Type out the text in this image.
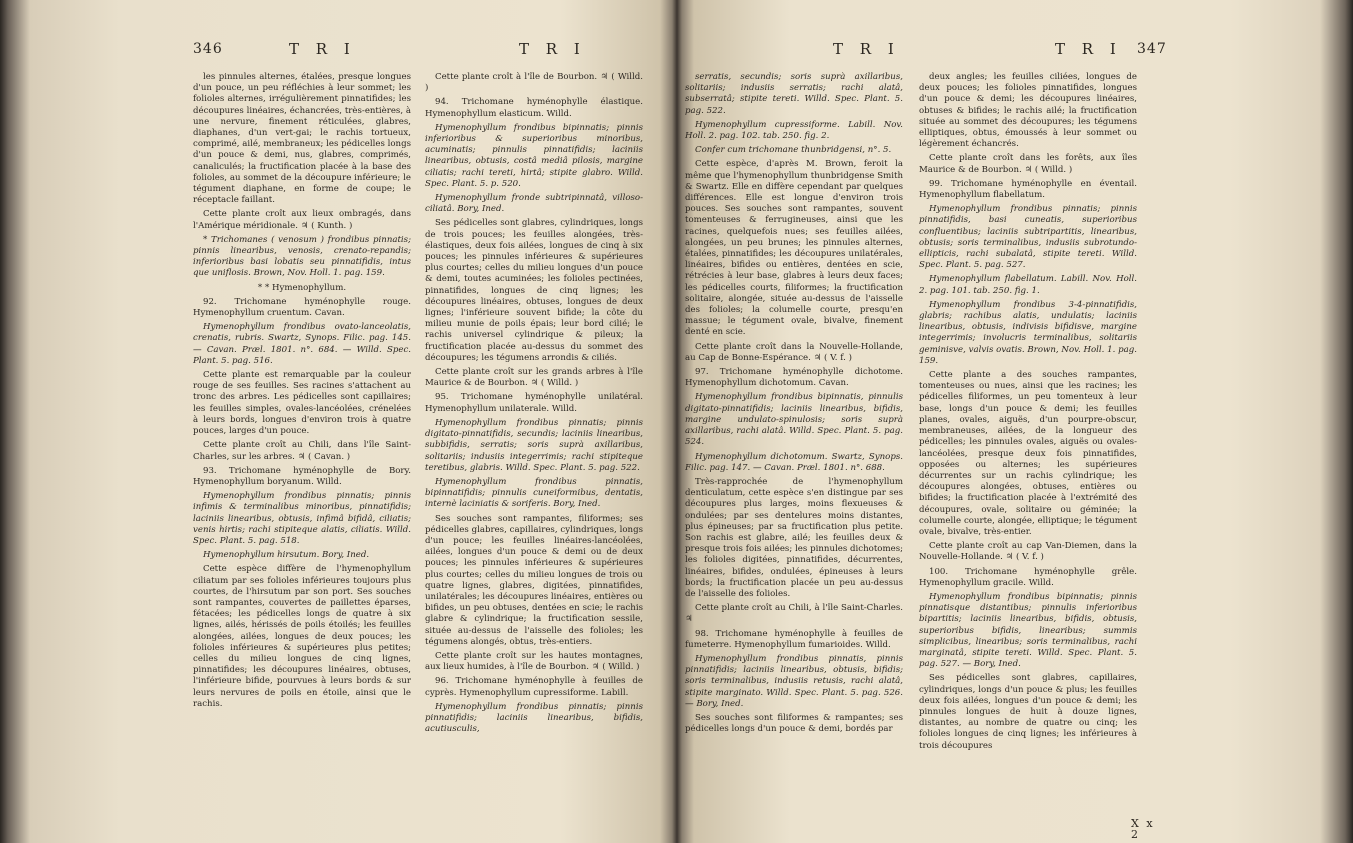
346	T R I	T R I

les pinnules alternes, étalées, presque longues d'un pouce, un peu réfléchies à leur sommet; les folioles alternes, irrégulièrement pinnatifides; les découpures linéaires, échancrées, très-entières, à une nervure, finement réticulées, glabres, diaphanes, d'un vert-gai; le rachis tortueux, comprimé, ailé, membraneux; les pédicelles longs d'un pouce & demi, nus, glabres, comprimés, canaliculés; la fructification placée à la base des folioles, au sommet de la découpure inférieure; le tégument diaphane, en forme de coupe; le réceptacle faillant.

Cette plante croît aux lieux ombragés, dans l'Amérique méridionale. ♃ ( Kunth. )

* Trichomanes ( venosum ) frondibus pinnatis; pinnis linearibus, venosis, crenato-repandis; inferioribus basi lobatis seu pinnatifidis, intus que uniflosis. Brown, Nov. Holl. 1. pag. 159.

* * Hymenophyllum.

92. Trichomane hyménophylle rouge. Hymenophyllum cruentum. Cavan.

Hymenophyllum frondibus ovato-lanceolatis, crenatis, rubris. Swartz, Synops. Filic. pag. 145. — Cavan. Præl. 1801. n°. 684. — Willd. Spec. Plant. 5. pag. 516.

Cette plante est remarquable par la couleur rouge de ses feuilles. Ses racines s'attachent au tronc des arbres. Les pédicelles sont capillaires; les feuilles simples, ovales-lancéolées, crénelées à leurs bords, longues d'environ trois à quatre pouces, larges d'un pouce.

Cette plante croît au Chili, dans l'île Saint-Charles, sur les arbres. ♃ ( Cavan. )

93. Trichomane hyménophylle de Bory. Hymenophyllum boryanum. Willd.

Hymenophyllum frondibus pinnatis; pinnis infimis & terminalibus minoribus, pinnatifidis; laciniis linearibus, obtusis, infimâ bifidâ, ciliatis; venis hirtis; rachi stipiteque alatis, ciliatis. Willd. Spec. Plant. 5. pag. 518.

Hymenophyllum hirsutum. Bory, Ined.

Cette espèce diffère de l'hymenophyllum ciliatum par ses folioles inférieures toujours plus courtes, de l'hirsutum par son port. Ses souches sont rampantes, couvertes de paillettes éparses, fétacées; les pédicelles longs de quatre à six lignes, ailés, hérissés de poils étoilés; les feuilles alongées, ailées, longues de deux pouces; les folioles inférieures & supérieures plus petites; celles du milieu longues de cinq lignes, pinnatifides; les découpures linéaires, obtuses, l'inférieure bifide, pourvues à leurs bords & sur leurs nervures de poils en étoile, ainsi que le rachis.

Cette plante croît à l'île de Bourbon. ♃ ( Willd. )

94. Trichomane hyménophylle élastique. Hymenophyllum elasticum. Willd.

Hymenophyllum frondibus bipinnatis; pinnis inferioribus & superioribus minoribus, acuminatis; pinnulis pinnatifidis; laciniis linearibus, obtusis, costâ mediâ pilosis, margine ciliatis; rachi tereti, hirtâ; stipite glabro. Willd. Spec. Plant. 5. p. 520.

Hymenophyllum fronde subtripinnatâ, villoso-ciliatâ. Bory, Ined.

Ses pédicelles sont glabres, cylindriques, longs de trois pouces; les feuilles alongées, très-élastiques, deux fois ailées, longues de cinq à six pouces; les pinnules inférieures & supérieures plus courtes; celles du milieu longues d'un pouce & demi, toutes acuminées; les folioles pectinées, pinnatifides, longues de cinq lignes; les découpures linéaires, obtuses, longues de deux lignes; l'inférieure souvent bifide; la côte du milieu munie de poils épais; leur bord cilié; le rachis universel cylindrique & pileux; la fructification placée au-dessus du sommet des découpures; les tégumens arrondis & ciliés.

Cette plante croît sur les grands arbres à l'île Maurice & de Bourbon. ♃ ( Willd. )

95. Trichomane hyménophylle unilatéral. Hymenophyllum unilaterale. Willd.

Hymenophyllum frondibus pinnatis; pinnis digitato-pinnatifidis, secundis; laciniis linearibus, subbifidis, serratis; soris suprà axillaribus, solitariis; indusiis integerrimis; rachi stipiteque teretibus, glabris. Willd. Spec. Plant. 5. pag. 522.

Hymenophyllum frondibus pinnatis, bipinnatifidis; pinnulis cuneiformibus, dentatis, internè laciniatis & soriferis. Bory, Ined.

Ses souches sont rampantes, filiformes; ses pédicelles glabres, capillaires, cylindriques, longs d'un pouce; les feuilles linéaires-lancéolées, ailées, longues d'un pouce & demi ou de deux pouces; les pinnules inférieures & supérieures plus courtes; celles du milieu longues de trois ou quatre lignes, glabres, digitées, pinnatifides, unilatérales; les découpures linéaires, entières ou bifides, un peu obtuses, dentées en scie; le rachis glabre & cylindrique; la fructification sessile, située au-dessus de l'aisselle des folioles; les tégumens alongés, obtus, très-entiers.

Cette plante croît sur les hautes montagnes, aux lieux humides, à l'île de Bourbon. ♃ ( Willd. )

96. Trichomane hyménophylle à feuilles de cyprès. Hymenophyllum cupressiforme. Labill.

Hymenophyllum frondibus pinnatis; pinnis pinnatifidis; laciniis linearibus, bifidis, acutiusculis,

T R I	T R I 347

serratis, secundis; soris suprà axillaribus, solitariis; indusiis serratis; rachi alatâ, subserratâ; stipite tereti. Willd. Spec. Plant. 5. pag. 522.

Hymenophyllum cupressiforme. Labill. Nov. Holl. 2. pag. 102. tab. 250. fig. 2.

Confer cum trichomane thunbridgensi, n°. 5.

Cette espèce, d'après M. Brown, feroit la même que l'hymenophyllum thunbridgense Smith & Swartz. Elle en diffère cependant par quelques différences. Elle est longue d'environ trois pouces. Ses souches sont rampantes, souvent tomenteuses & ferrugineuses, ainsi que les racines, quelquefois nues; ses feuilles ailées, alongées, un peu brunes; les pinnules alternes, étalées, pinnatifides; les découpures unilatérales, linéaires, bifides ou entières, dentées en scie, rétrécies à leur base, glabres à leurs deux faces; les pédicelles courts, filiformes; la fructification solitaire, alongée, située au-dessus de l'aisselle des folioles; la columelle courte, presqu'en massue; le tégument ovale, bivalve, finement denté en scie.

Cette plante croît dans la Nouvelle-Hollande, au Cap de Bonne-Espérance. ♃ ( V. f. )

97. Trichomane hyménophylle dichotome. Hymenophyllum dichotomum. Cavan.

Hymenophyllum frondibus bipinnatis, pinnulis digitato-pinnatifidis; laciniis linearibus, bifidis, margine undulato-spinulosis; soris suprà axillaribus, rachi alatâ. Willd. Spec. Plant. 5. pag. 524.

Hymenophyllum dichotomum. Swartz, Synops. Filic. pag. 147. — Cavan. Præl. 1801. n°. 688.

Très-rapprochée de l'hymenophyllum denticulatum, cette espèce s'en distingue par ses découpures plus larges, moins flexueuses & ondulées; par ses dentelures moins distantes, plus épineuses; par sa fructification plus petite. Son rachis est glabre, ailé; les feuilles deux & presque trois fois ailées; les pinnules dichotomes; les folioles digitées, pinnatifides, décurrentes, linéaires, bifides, ondulées, épineuses à leurs bords; la fructification placée un peu au-dessus de l'aisselle des folioles.

Cette plante croît au Chili, à l'île Saint-Charles. ♃

98. Trichomane hyménophylle à feuilles de fumeterre. Hymenophyllum fumarioides. Willd.

Hymenophyllum frondibus pinnatis, pinnis pinnatifidis; laciniis linearibus, obtusis, bifidis; soris terminalibus, indusiis retusis, rachi alatâ, stipite marginato. Willd. Spec. Plant. 5. pag. 526. — Bory, Ined.

Ses souches sont filiformes & rampantes; ses pédicelles longs d'un pouce & demi, bordés par

deux angles; les feuilles ciliées, longues de deux pouces; les folioles pinnatifides, longues d'un pouce & demi; les découpures linéaires, obtuses & bifides; le rachis ailé; la fructification située au sommet des découpures; les tégumens elliptiques, obtus, émoussés à leur sommet ou légèrement échancrés.

Cette plante croît dans les forêts, aux îles Maurice & de Bourbon. ♃ ( Willd. )

99. Trichomane hyménophylle en éventail. Hymenophyllum flabellatum.

Hymenophyllum frondibus pinnatis; pinnis pinnatifidis, basi cuneatis, superioribus confluentibus; laciniis subtripartitis, linearibus, obtusis; soris terminalibus, indusiis subrotundo-ellipticis, rachi subalatâ, stipite tereti. Willd. Spec. Plant. 5. pag. 527.

Hymenophyllum flabellatum. Labill. Nov. Holl. 2. pag. 101. tab. 250. fig. 1.

Hymenophyllum frondibus 3-4-pinnatifidis, glabris; rachibus alatis, undulatis; laciniis linearibus, obtusis, indivisis bifidisve, margine integerrimis; involucris terminalibus, solitariis geminisve, valvis ovatis. Brown, Nov. Holl. 1. pag. 159.

Cette plante a des souches rampantes, tomenteuses ou nues, ainsi que les racines; les pédicelles filiformes, un peu tomenteux à leur base, longs d'un pouce & demi; les feuilles planes, ovales, aiguës, d'un pourpre-obscur, membraneuses, ailées, de la longueur des pédicelles; les pinnules ovales, aiguës ou ovales-lancéolées, presque deux fois pinnatifides, opposées ou alternes; les supérieures décurrentes sur un rachis cylindrique; les découpures alongées, obtuses, entières ou bifides; la fructification placée à l'extrémité des découpures, ovale, solitaire ou géminée; la columelle courte, alongée, elliptique; le tégument ovale, bivalve, très-entier.

Cette plante croît au cap Van-Diemen, dans la Nouvelle-Hollande. ♃ ( V. f. )

100. Trichomane hyménophylle grêle. Hymenophyllum gracile. Willd.

Hymenophyllum frondibus bipinnatis; pinnis pinnatisque distantibus; pinnulis inferioribus bipartitis; laciniis linearibus, bifidis, obtusis, superioribus bifidis, linearibus; summis simplicibus, linearibus; soris terminalibus, rachi marginatâ, stipite tereti. Willd. Spec. Plant. 5. pag. 527. — Bory, Ined.

Ses pédicelles sont glabres, capillaires, cylindriques, longs d'un pouce & plus; les feuilles deux fois ailées, longues d'un pouce & demi; les pinnules longues de huit à douze lignes, distantes, au nombre de quatre ou cinq; les folioles longues de cinq lignes; les inférieures à trois découpures

X x 2
